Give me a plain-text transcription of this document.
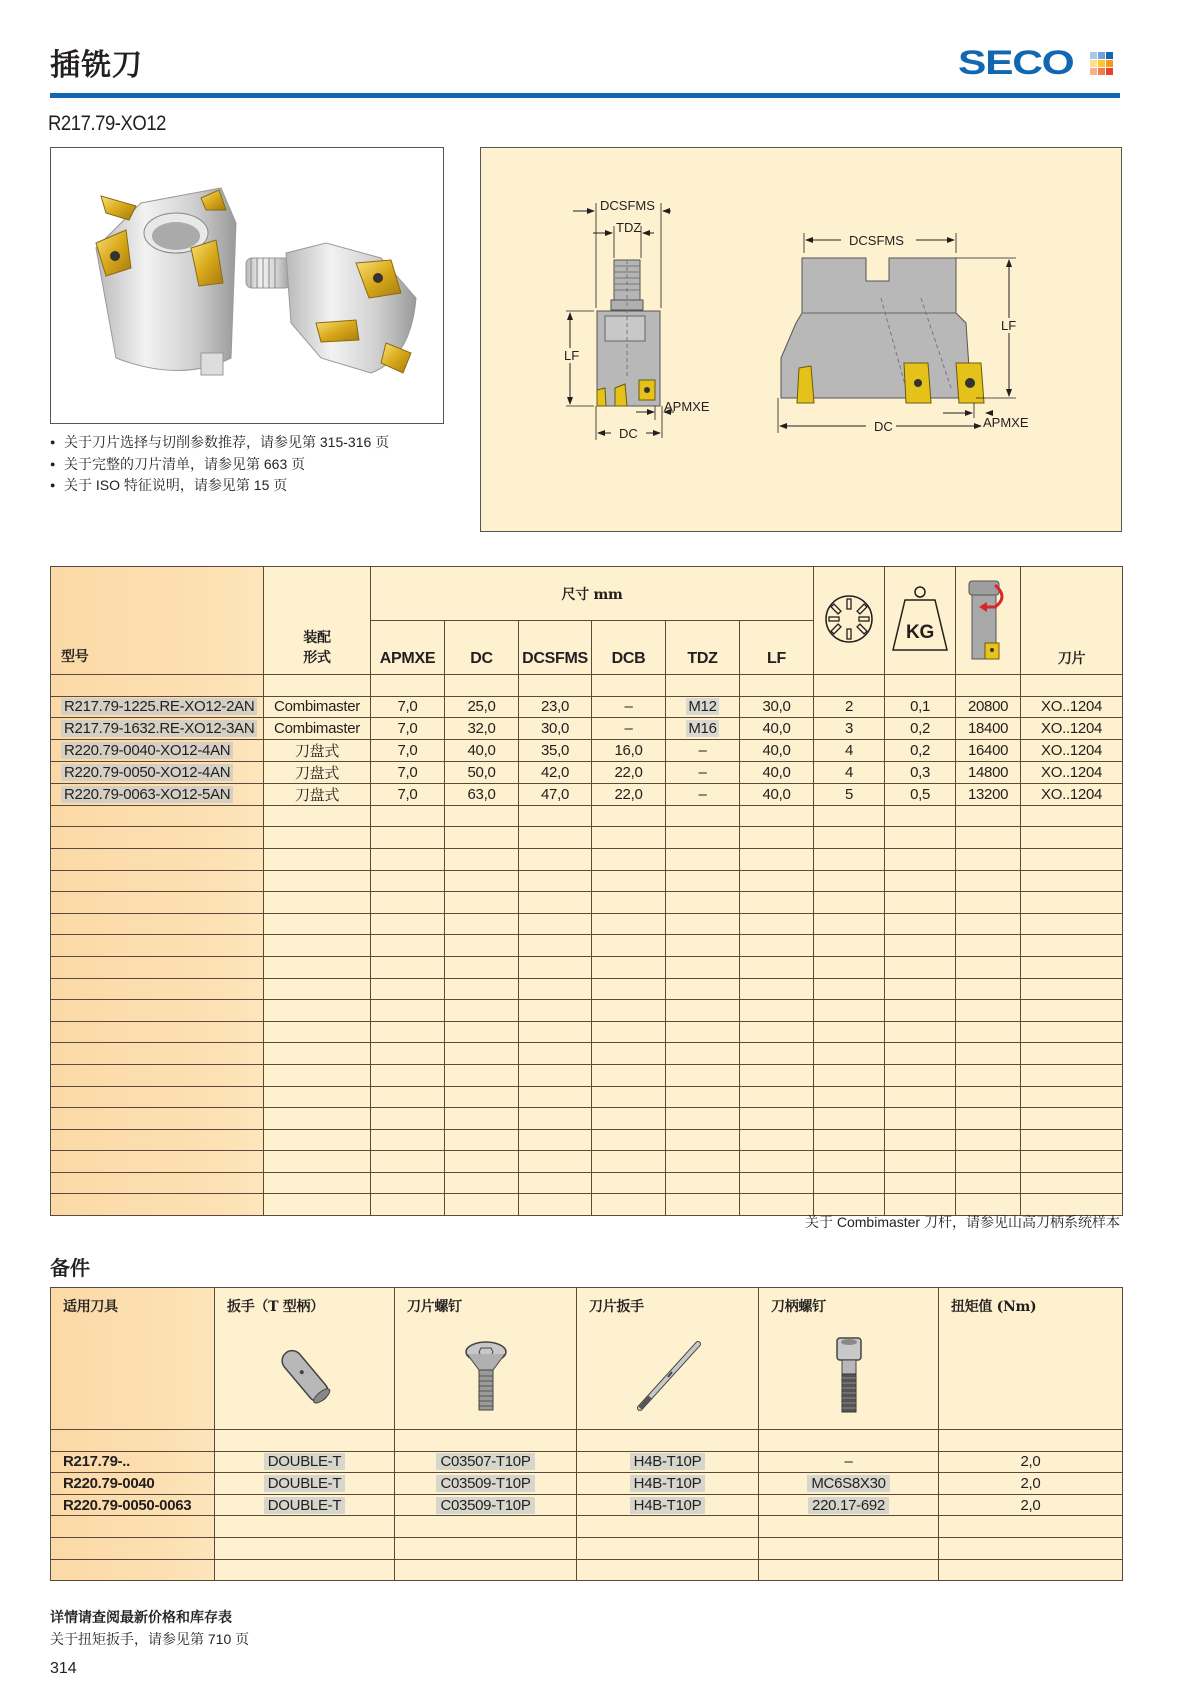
插铣刀	SECO
R217.79-XO12
● 关于刀片选择与切削参数推荐，请参见第 315-316 页
● 关于完整的刀片清单，请参见第 663 页
● 关于 ISO 特征说明，请参见第 15 页
DCSFMS
TDZ
LF
APMXE
DC
DCSFMS
LF
APMXE
DC
型号	装配
形式	尺寸 mm							KG		刀片
		APMXE	DC	DCSFMS	DCB	TDZ	LF				

R217.79-1225.RE-XO12-2AN	Combimaster	7,0	25,0	23,0	–	M12	30,0	2	0,1	20800	XO..1204
R217.79-1632.RE-XO12-3AN	Combimaster	7,0	32,0	30,0	–	M16	40,0	3	0,2	18400	XO..1204
R220.79-0040-XO12-4AN	刀盘式	7,0	40,0	35,0	16,0	–	40,0	4	0,2	16400	XO..1204
R220.79-0050-XO12-4AN	刀盘式	7,0	50,0	42,0	22,0	–	40,0	4	0,3	14800	XO..1204
R220.79-0063-XO12-5AN	刀盘式	7,0	63,0	47,0	22,0	–	40,0	5	0,5	13200	XO..1204

关于 Combimaster 刀杆，请参见山高刀柄系统样本
备件
适用刀具	扳手（T 型柄）	刀片螺钉	刀片扳手	刀柄螺钉	扭矩值 (Nm)

R217.79-..	DOUBLE-T	C03507-T10P	H4B-T10P	–	2,0
R220.79-0040	DOUBLE-T	C03509-T10P	H4B-T10P	MC6S8X30	2,0
R220.79-0050-0063	DOUBLE-T	C03509-T10P	H4B-T10P	220.17-692	2,0

详情请查阅最新价格和库存表
关于扭矩扳手，请参见第 710 页
314
